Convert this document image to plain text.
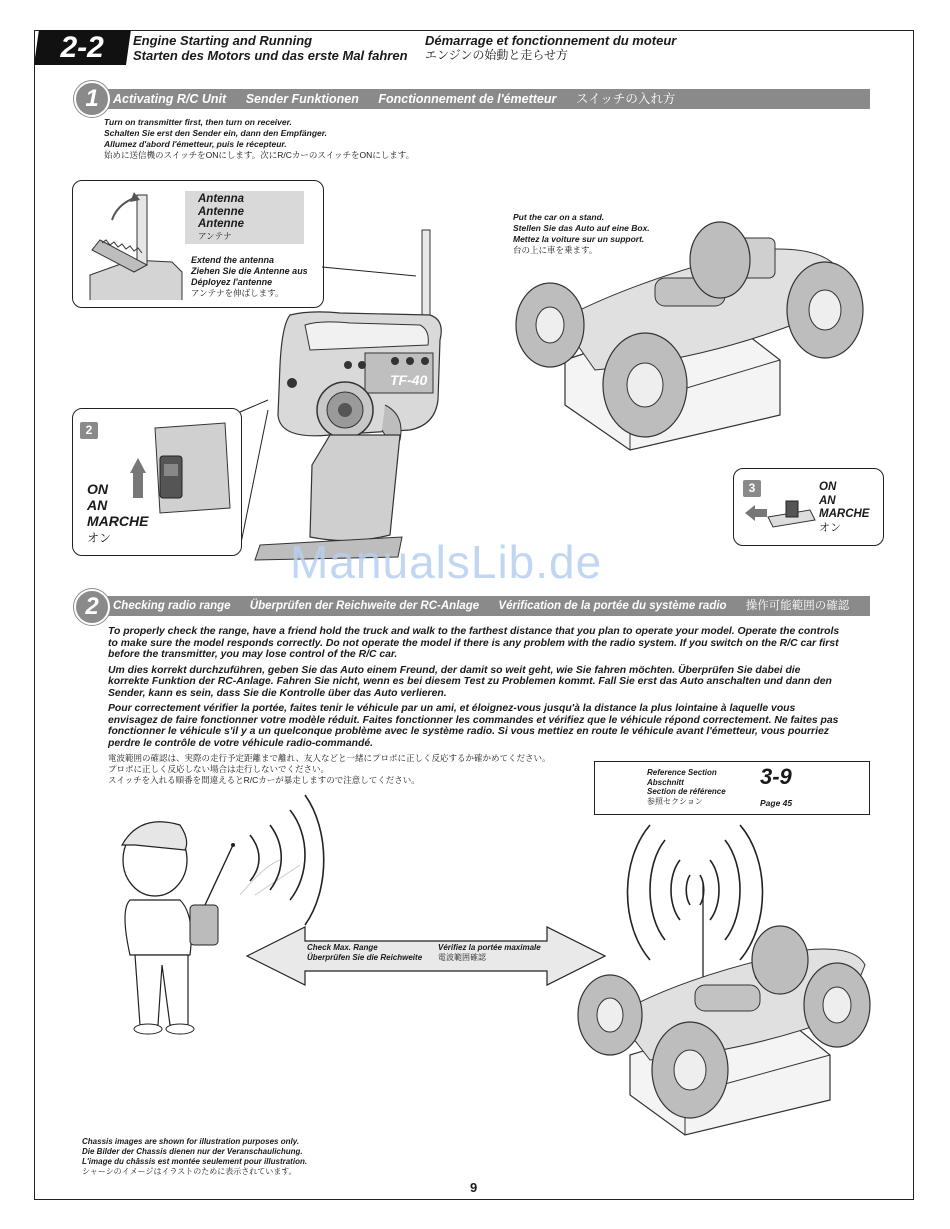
2-2	Engine Starting and Running
Starten des Motors und das erste Mal fahren
Démarrage et fonctionnement du moteur
エンジンの始動と走らせ方
1	Activating R/C Unit Sender Funktionen Fonctionnement de l'émetteur スイッチの入れ方
Turn on transmitter first, then turn on receiver.
Schalten Sie erst den Sender ein, dann den Empfänger.
Allumez d'abord l'émetteur, puis le récepteur.
始めに送信機のスイッチをONにします。次にR/CカーのスイッチをONにします。
Antenna
Antenne
Antenne
アンテナ
Extend the antenna
Ziehen Sie die Antenne aus
Déployez l'antenne
アンテナを伸ばします。
TF-40
2
ON
AN
MARCHE
オン
Put the car on a stand.
Stellen Sie das Auto auf eine Box.
Mettez la voiture sur un support.
台の上に車を乗ます。
3	ON
AN
MARCHE
オン
ManualsLib.de
2	Checking radio range Überprüfen der Reichweite der RC-Anlage Vérification de la portée du système radio 操作可能範囲の確認
To properly check the range, have a friend hold the truck and walk to the farthest distance that you plan to operate your model. Operate the controls to make sure the model responds correctly. Do not operate the model if there is any problem with the radio system. If you switch on the R/C car first before the transmitter, you may lose control of the R/C car.
Um dies korrekt durchzuführen, geben Sie das Auto einem Freund, der damit so weit geht, wie Sie fahren möchten. Überprüfen Sie dabei die korrekte Funktion der RC-Anlage. Fahren Sie nicht, wenn es bei diesem Test zu Problemen kommt. Fall Sie erst das Auto anschalten und dann den Sender, kann es sein, dass Sie die Kontrolle über das Auto verlieren.
Pour correctement vérifier la portée, faites tenir le véhicule par un ami, et éloignez-vous jusqu'à la distance la plus lointaine à laquelle vous envisagez de faire fonctionner votre modèle réduit. Faites fonctionner les commandes et vérifiez que le véhicule répond correctement. Ne faites pas fonctionner le véhicule s'il y a un quelconque problème avec le système radio. Si vous mettiez en route le véhicule avant l'émetteur, vous pourriez perdre le contrôle de votre véhicule radio-commandé.
電波範囲の確認は、実際の走行予定距離まで離れ、友人などと一緒にプロポに正しく反応するか確かめてください。
プロポに正しく反応しない場合は走行しないでください。
スイッチを入れる順番を間違えるとR/Cカーが暴走しますので注意してください。
Reference Section
Abschnitt
Section de référence
参照セクション
3-9
Page 45
Check Max. Range
Überprüfen Sie die Reichweite
Vérifiez la portée maximale
電波範囲確認
Chassis images are shown for illustration purposes only.
Die Bilder der Chassis dienen nur der Veranschaulichung.
L'image du châssis est montée seulement pour illustration.
シャーシのイメージはイラストのために表示されています。
9
